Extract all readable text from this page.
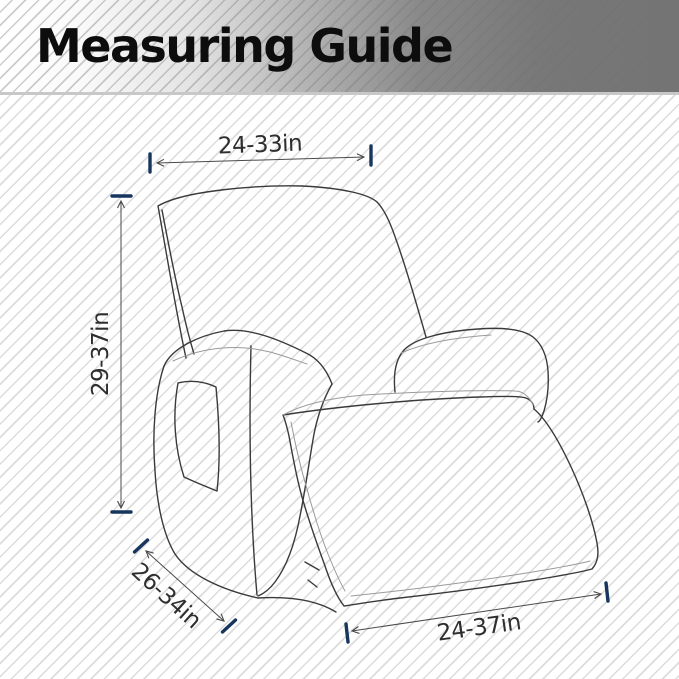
Measuring Guide
24-33in
29-37in
26-34in	24-37in
